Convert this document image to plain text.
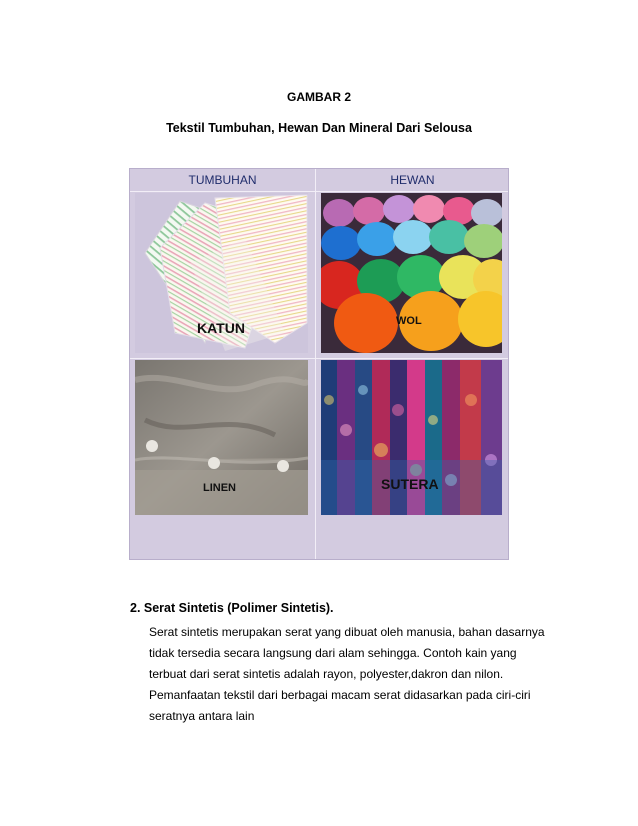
GAMBAR 2
Tekstil Tumbuhan, Hewan Dan Mineral Dari Selousa
TUMBUHAN	HEWAN
KATUN	WOL
LINEN	SUTERA
2. Serat Sintetis (Polimer Sintetis).
Serat sintetis merupakan serat yang dibuat oleh manusia, bahan dasarnya
tidak tersedia secara langsung dari alam sehingga. Contoh kain yang
terbuat dari serat sintetis adalah rayon, polyester,dakron dan nilon.
Pemanfaatan tekstil dari berbagai macam serat didasarkan pada ciri-ciri
seratnya antara lain
